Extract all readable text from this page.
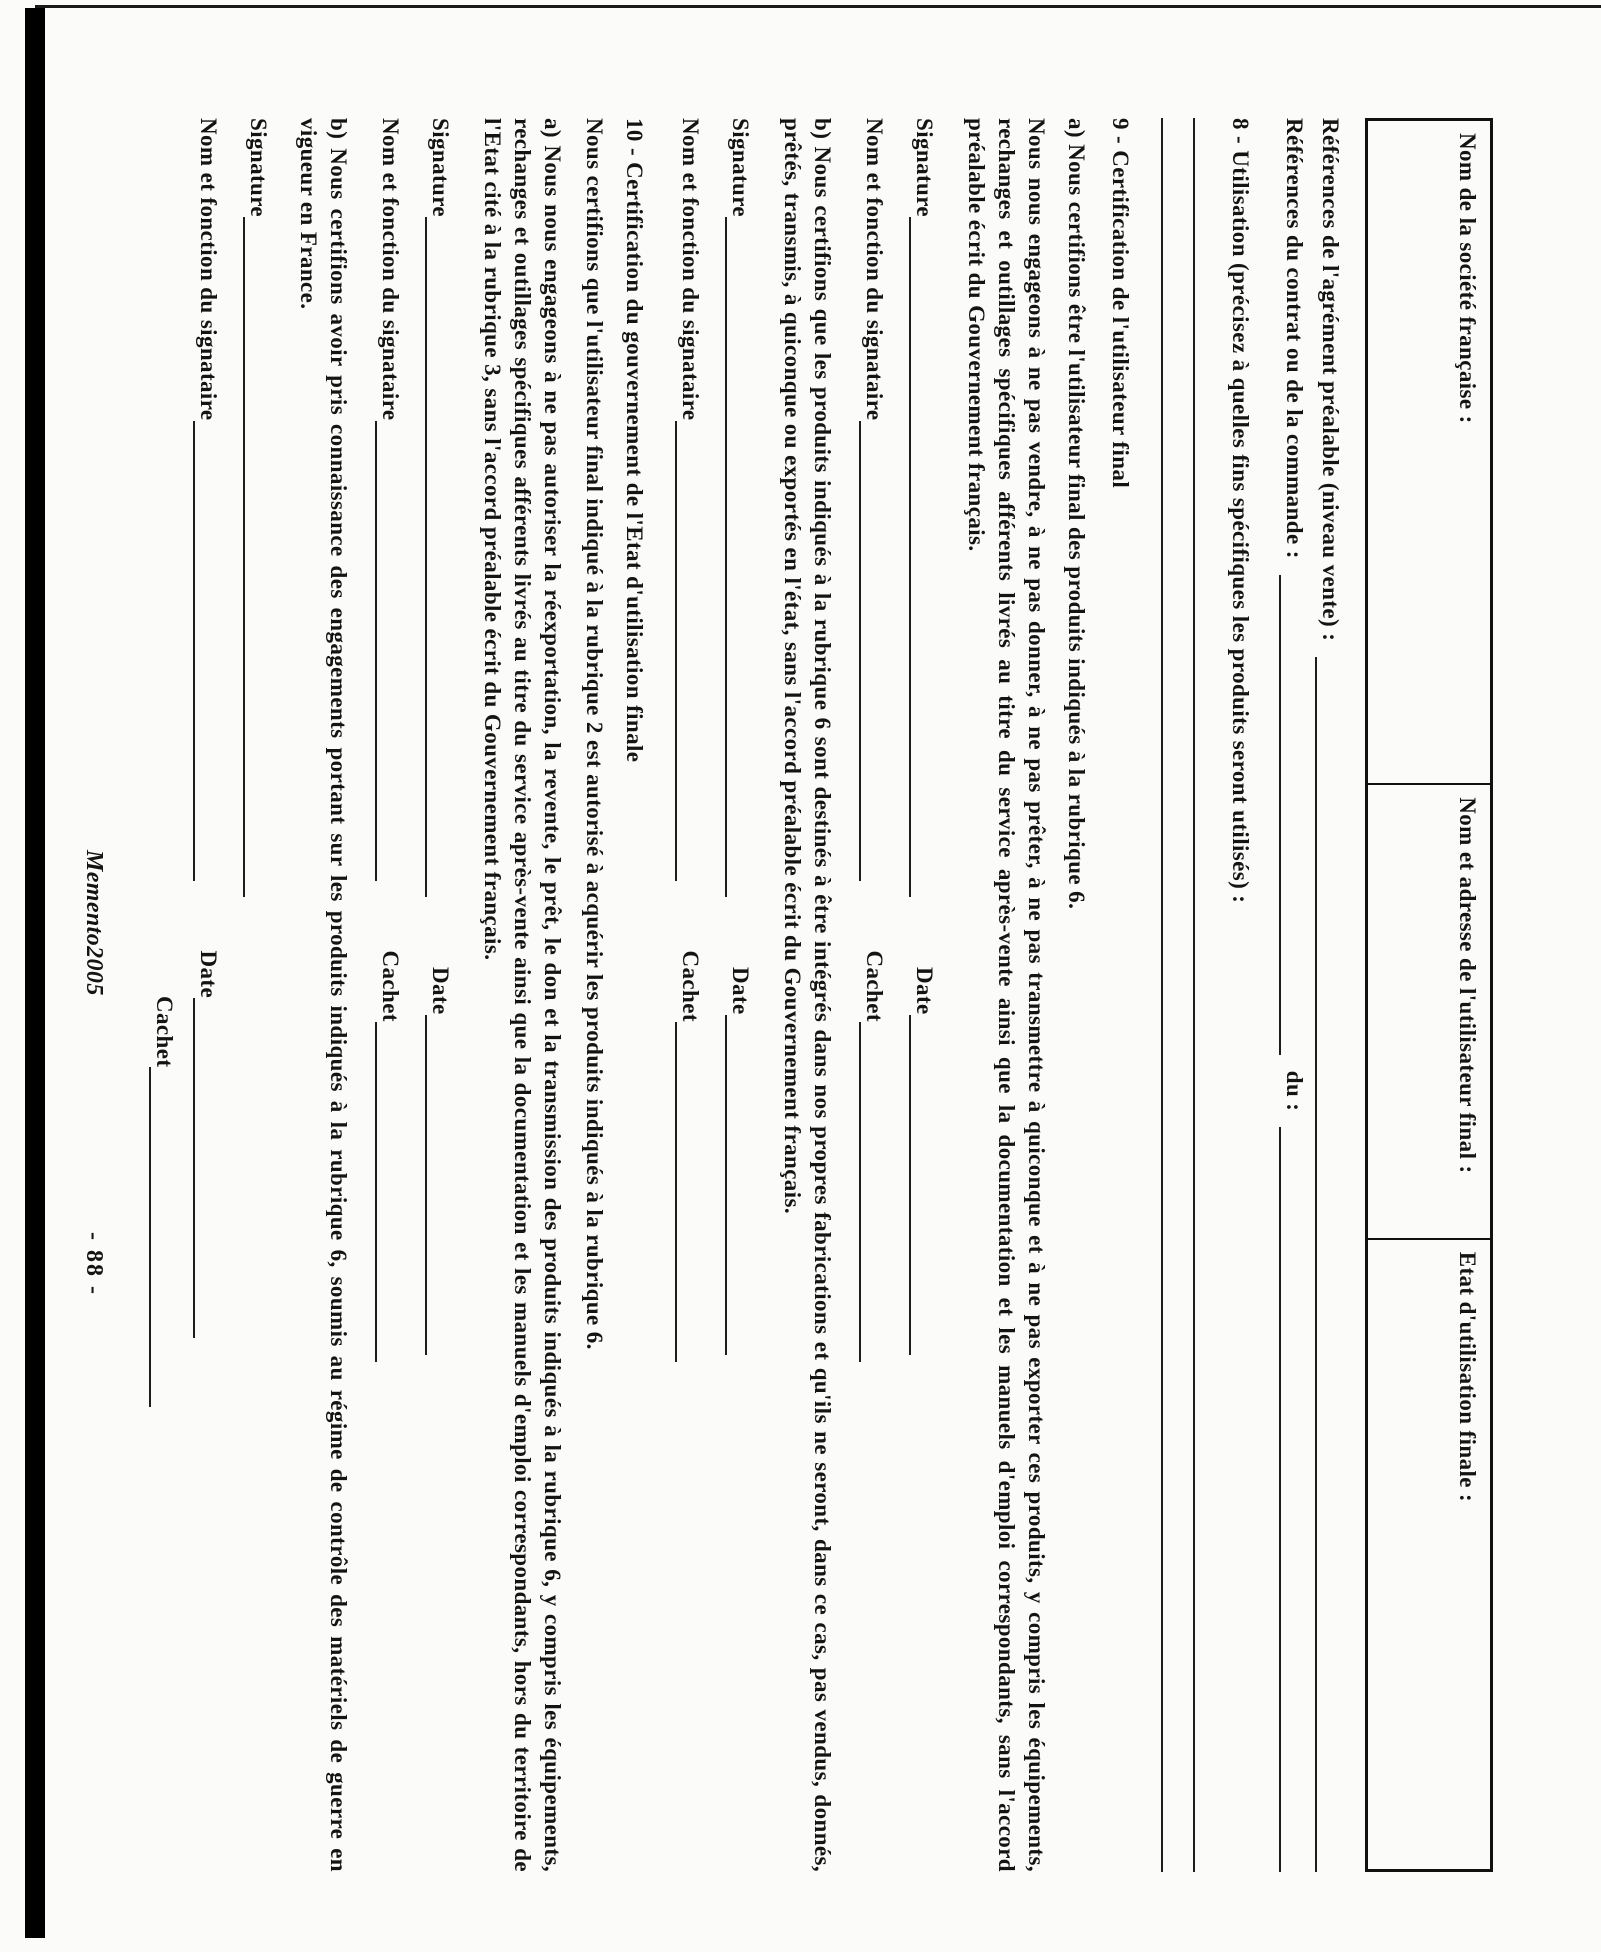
Nom de la société française :
Nom et adresse de l'utilisateur final :
Etat d'utilisation finale :
Références de l'agrément préalable (niveau vente) :
Références du contrat ou de la commande :
du :
8 - Utilisation (précisez à quelles fins spécifiques les produits seront utilisés) :
9 - Certification de l'utilisateur final

a) Nous certifions être l'utilisateur final des produits indiqués à la rubrique 6.

Nous nous engageons à ne pas vendre, à ne pas donner, à ne pas prêter, à ne pas transmettre à quiconque et à ne pas exporter ces produits, y compris les équipements, rechanges et outillages spécifiques afférents livrés au titre du service après-vente ainsi que la documentation et les manuels d'emploi correspondants, sans l'accord préalable écrit du Gouvernement français.

Signature
Date
Nom et fonction du signataire
Cachet

b) Nous certifions que les produits indiqués à la rubrique 6 sont destinés à être intégrés dans nos propres fabrications et qu'ils ne seront, dans ce cas, pas vendus, donnés, prêtés, transmis, à quiconque ou exportés en l'état, sans l'accord préalable écrit du Gouvernement français.

Signature
Date
Nom et fonction du signataire
Cachet
10 - Certification du gouvernement de l'Etat d'utilisation finale

Nous certifions que l'utilisateur final indiqué à la rubrique 2 est autorisé à acquérir les produits indiqués à la rubrique 6.

a) Nous nous engageons à ne pas autoriser la réexportation, la revente, le prêt, le don et la transmission des produits indiqués à la rubrique 6, y compris les équipements, rechanges et outillages spécifiques afférents livrés au titre du service après-vente ainsi que la documentation et les manuels d'emploi correspondants, hors du territoire de l'Etat cité à la rubrique 3, sans l'accord préalable écrit du Gouvernement français.

Signature
Date
Nom et fonction du signataire
Cachet

b) Nous certifions avoir pris connaissance des engagements portant sur les produits indiqués à la rubrique 6, soumis au régime de contrôle des matériels de guerre en vigueur en France.

Signature
Nom et fonction du signataire
Date
Cachet
Memento2005
- 88 -
